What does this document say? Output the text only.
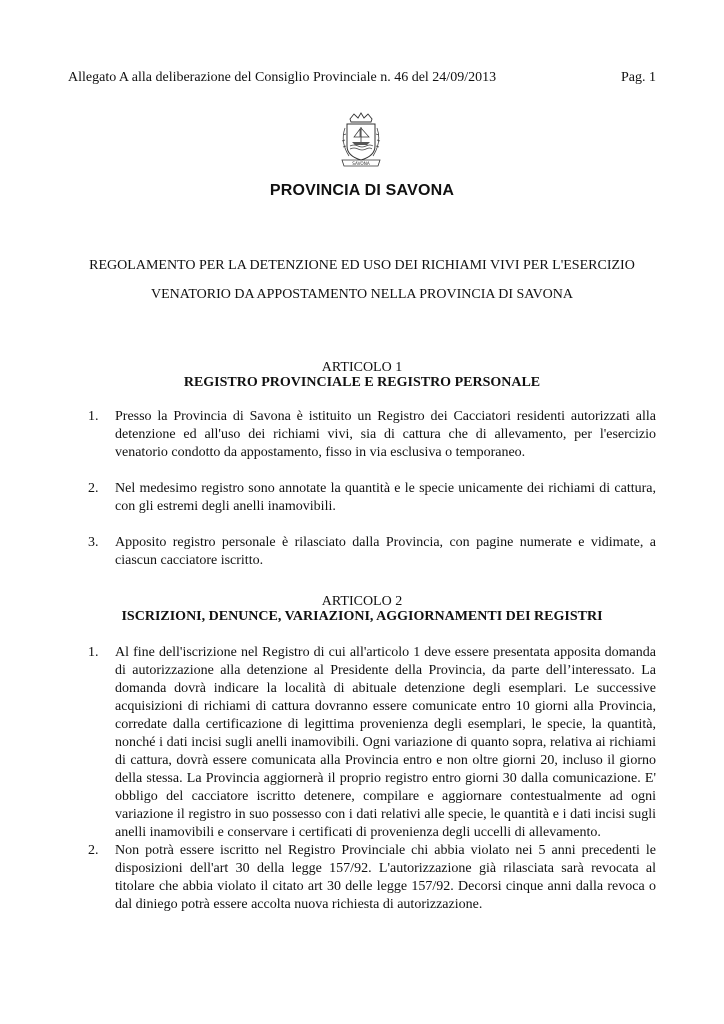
Allegato A alla deliberazione del Consiglio Provinciale n. 46 del 24/09/2013	Pag. 1
SAVONA
PROVINCIA DI SAVONA
REGOLAMENTO PER LA DETENZIONE ED USO DEI RICHIAMI VIVI PER L'ESERCIZIO
VENATORIO DA APPOSTAMENTO NELLA PROVINCIA DI SAVONA
ARTICOLO 1
REGISTRO PROVINCIALE E REGISTRO PERSONALE
1. Presso la Provincia di Savona è istituito un Registro dei Cacciatori residenti autorizzati alla detenzione ed all'uso dei richiami vivi, sia di cattura che di allevamento, per l'esercizio venatorio condotto da appostamento, fisso in via esclusiva o temporaneo.
2. Nel medesimo registro sono annotate la quantità e le specie unicamente dei richiami di cattura, con gli estremi degli anelli inamovibili.
3. Apposito registro personale è rilasciato dalla Provincia, con pagine numerate e vidimate, a ciascun cacciatore iscritto.
ARTICOLO 2
ISCRIZIONI, DENUNCE, VARIAZIONI, AGGIORNAMENTI DEI REGISTRI
1. Al fine dell'iscrizione nel Registro di cui all'articolo 1 deve essere presentata apposita domanda di autorizzazione alla detenzione al Presidente della Provincia, da parte dell’interessato. La domanda dovrà indicare la località di abituale detenzione degli esemplari. Le successive acquisizioni di richiami di cattura dovranno essere comunicate entro 10 giorni alla Provincia, corredate dalla certificazione di legittima provenienza degli esemplari, le specie, la quantità, nonché i dati incisi sugli anelli inamovibili. Ogni variazione di quanto sopra, relativa ai richiami di cattura, dovrà essere comunicata alla Provincia entro e non oltre giorni 20, incluso il giorno della stessa. La Provincia aggiornerà il proprio registro entro giorni 30 dalla comunicazione. E' obbligo del cacciatore iscritto detenere, compilare e aggiornare contestualmente ad ogni variazione il registro in suo possesso con i dati relativi alle specie, le quantità e i dati incisi sugli anelli inamovibili e conservare i certificati di provenienza degli uccelli di allevamento.
2. Non potrà essere iscritto nel Registro Provinciale chi abbia violato nei 5 anni precedenti le disposizioni dell'art 30 della legge 157/92. L'autorizzazione già rilasciata sarà revocata al titolare che abbia violato il citato art 30 delle legge 157/92. Decorsi cinque anni dalla revoca o dal diniego potrà essere accolta nuova richiesta di autorizzazione.
